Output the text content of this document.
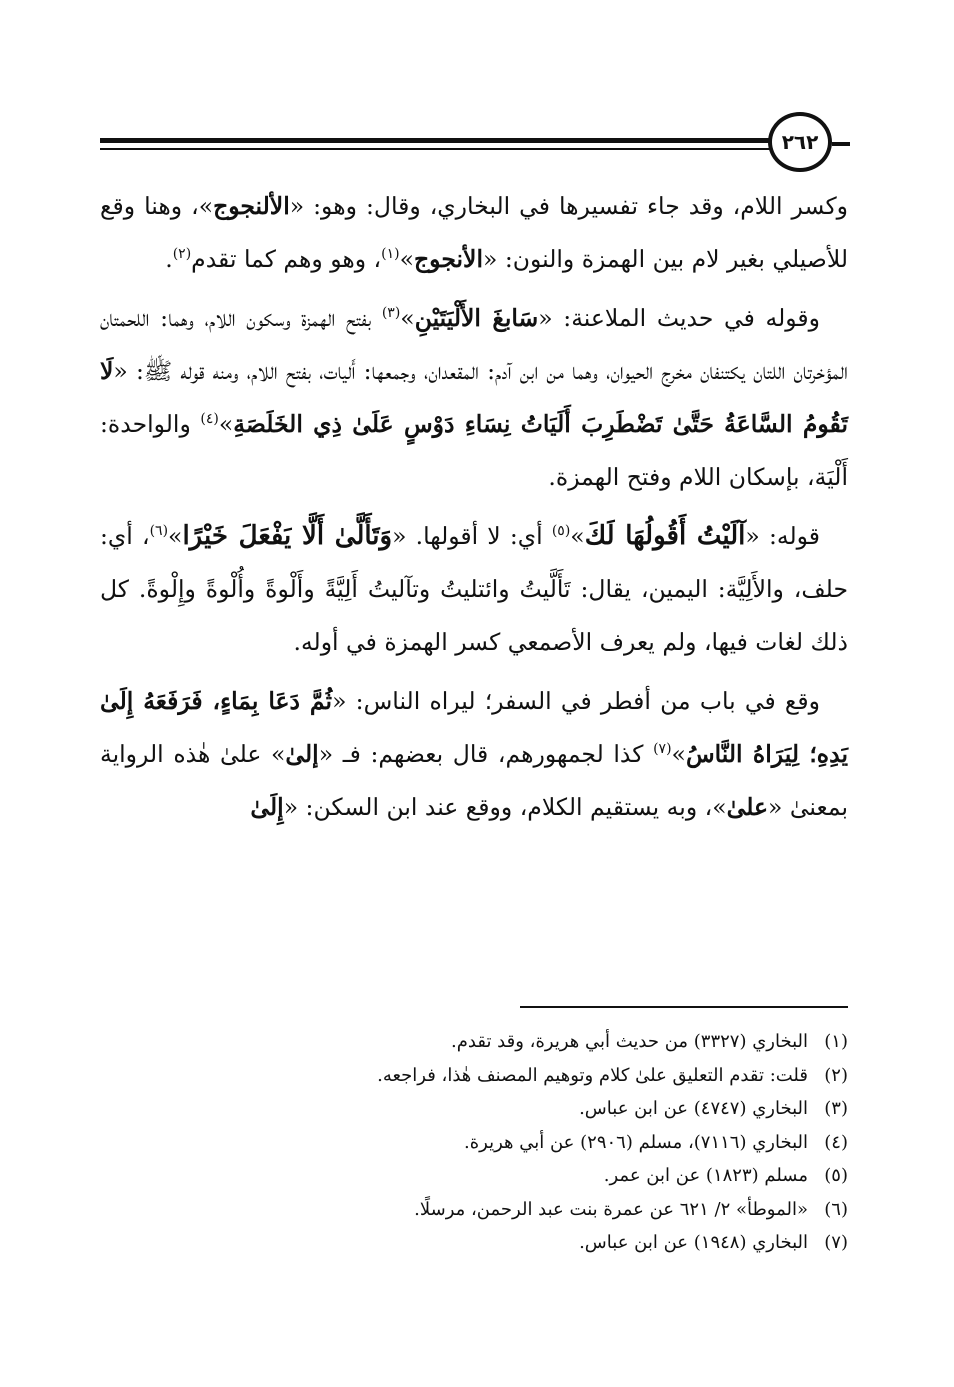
٢٦٢

وكسر اللام، وقد جاء تفسيرها في البخاري، وقال: وهو: «الألنجوج»، وهنا وقع للأصيلي بغير لام بين الهمزة والنون: «الأنجوج»$^{(١)}$، وهو وهم كما تقدم$^{(٢)}$.

وقوله في حديث الملاعنة: «سَابغَ الأَلْيَتَيْنِ»$^{(٣)}$ بفتح الهمزة وسكون اللام، وهما: اللحمتان المؤخرتان اللتان يكتنفان مخرج الحيوان، وهما من ابن آدم: المقعدان، وجمعها: أَليات، بفتح اللام، ومنه قوله ﷺ: «لَا تَقُومُ السَّاعَةُ حَتَّىٰ تَضْطَرِبَ أَلَيَاتُ نِسَاءِ دَوْسٍ عَلَىٰ ذِي الخَلَصَةِ»$^{(٤)}$ والواحدة: أَلْيَة، بإسكان اللام وفتح الهمزة.

قوله: «آلَيْتُ أَقُولُهَا لَكَ»$^{(٥)}$ أي: لا أقولها. «وَتَأَلَّىٰ أَلَّا يَفْعَلَ خَيْرًا»$^{(٦)}$، أي: حلف، والأَلِيَّة: اليمين، يقال: تَأَلَّيتُ وائتليتُ وتآليتُ أَلِيَّةً وأَلْوةً وأُلْوةً وإِلْوةً. كل ذلك لغات فيها، ولم يعرف الأصمعي كسر الهمزة في أوله.

وقع في باب من أفطر في السفر؛ ليراه الناس: «ثُمَّ دَعَا بِمَاءٍ، فَرَفَعَهُ إِلَىٰ يَدِهِ؛ لِيَرَاهُ النَّاسُ»$^{(٧)}$ كذا لجمهورهم، قال بعضهم: فـ «إلىٰ» علىٰ هٰذه الرواية بمعنىٰ «علىٰ»، وبه يستقيم الكلام، ووقع عند ابن السكن: «إِلَىٰ

(١)
البخاري (٣٣٢٧) من حديث أبي هريرة، وقد تقدم.
(٢)
قلت: تقدم التعليق علىٰ كلام وتوهيم المصنف هٰذا، فراجعه.
(٣)
البخاري (٤٧٤٧) عن ابن عباس.
(٤)
البخاري (٧١١٦)، مسلم (٢٩٠٦) عن أبي هريرة.
(٥)
مسلم (١٨٢٣) عن ابن عمر.
(٦)
«الموطأ» ٢/ ٦٢١ عن عمرة بنت عبد الرحمن، مرسلًا.
(٧)
البخاري (١٩٤٨) عن ابن عباس.
